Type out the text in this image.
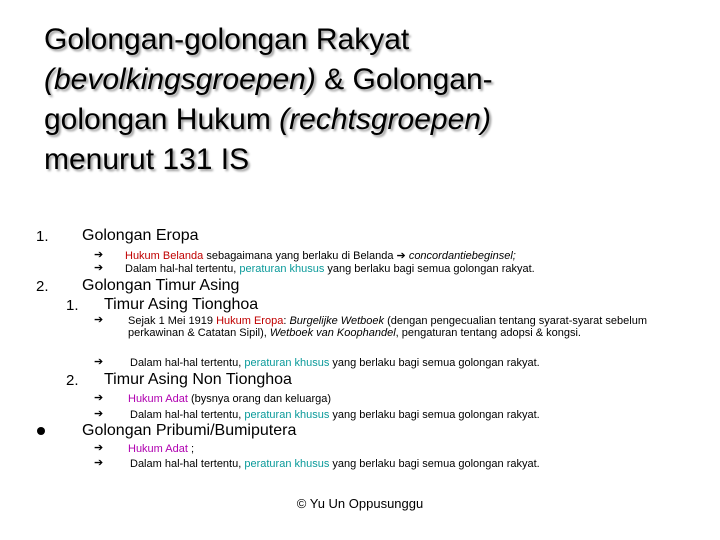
Golongan-golongan Rakyat
(bevolkingsgroepen) & Golongan-
golongan Hukum (rechtsgroepen)
menurut 131 IS
1. Golongan Eropa
➔ Hukum Belanda sebagaimana yang berlaku di Belanda ➔ concordantiebeginsel;
➔ Dalam hal-hal tertentu, peraturan khusus yang berlaku bagi semua golongan rakyat.
2. Golongan Timur Asing
1. Timur Asing Tionghoa
➔ Sejak 1 Mei 1919 Hukum Eropa: Burgelijke Wetboek (dengan pengecualian tentang syarat-syarat sebelum perkawinan & Catatan Sipil), Wetboek van Koophandel, pengaturan tentang adopsi & kongsi.
➔ Dalam hal-hal tertentu, peraturan khusus yang berlaku bagi semua golongan rakyat.
2. Timur Asing Non Tionghoa
➔ Hukum Adat (bysnya orang dan keluarga)
➔ Dalam hal-hal tertentu, peraturan khusus yang berlaku bagi semua golongan rakyat.
Golongan Pribumi/Bumiputera
➔ Hukum Adat ;
➔ Dalam hal-hal tertentu, peraturan khusus yang berlaku bagi semua golongan rakyat.
© Yu Un Oppusunggu
